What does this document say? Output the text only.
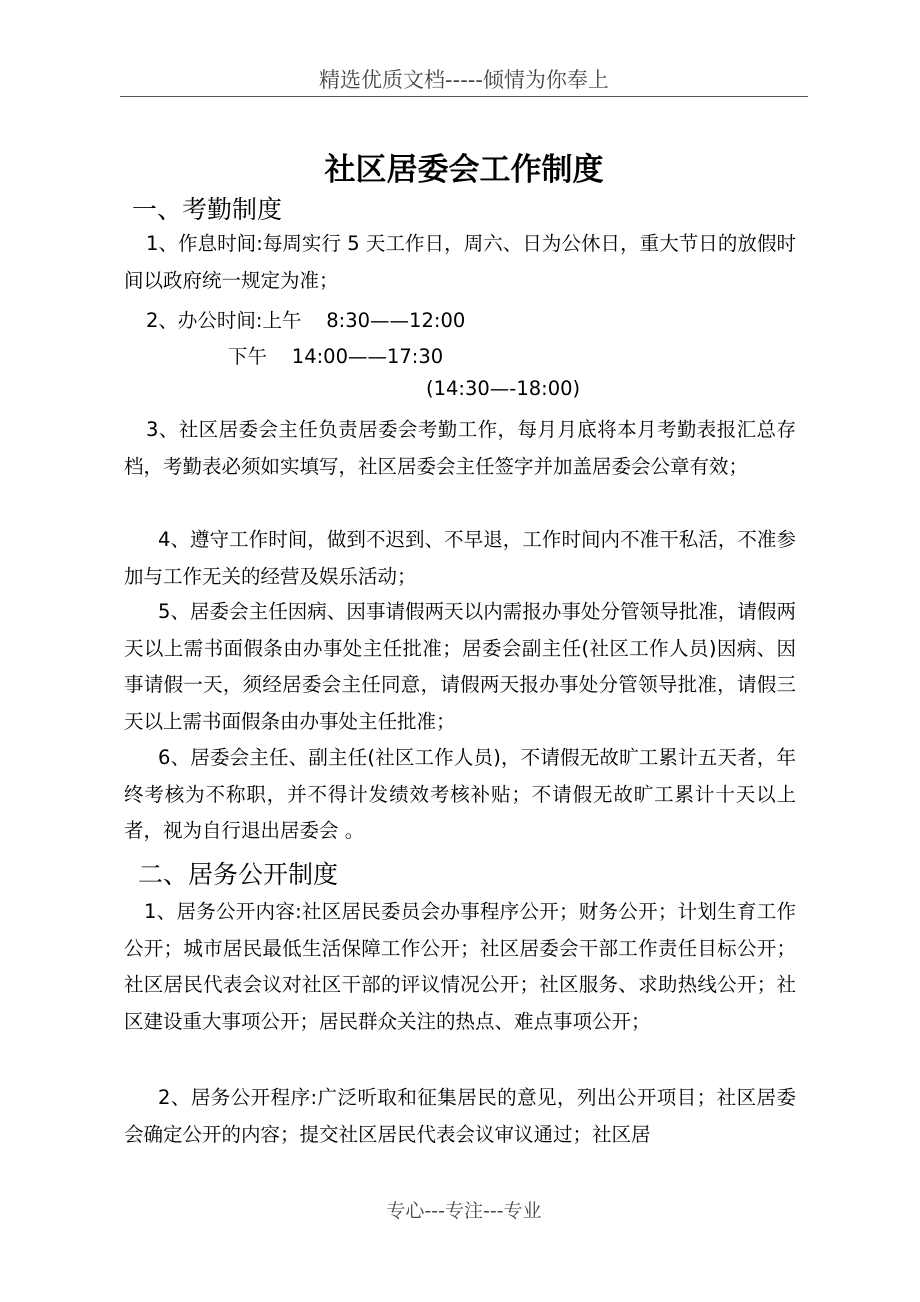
精选优质文档-----倾情为你奉上
社区居委会工作制度
一、考勤制度
1、作息时间:每周实行 5 天工作日，周六、日为公休日，重大节日的放假时间以政府统一规定为准；
2、办公时间:上午    8:30——12:00
下午    14:00——17:30
(14:30—-18:00)
3、社区居委会主任负责居委会考勤工作，每月月底将本月考勤表报汇总存档，考勤表必须如实填写，社区居委会主任签字并加盖居委会公章有效；
4、遵守工作时间，做到不迟到、不早退，工作时间内不准干私活，不准参加与工作无关的经营及娱乐活动；
5、居委会主任因病、因事请假两天以内需报办事处分管领导批准，请假两天以上需书面假条由办事处主任批准；居委会副主任(社区工作人员)因病、因事请假一天，须经居委会主任同意，请假两天报办事处分管领导批准，请假三天以上需书面假条由办事处主任批准；
6、居委会主任、副主任(社区工作人员)，不请假无故旷工累计五天者，年终考核为不称职，并不得计发绩效考核补贴；不请假无故旷工累计十天以上者，视为自行退出居委会 。
二、居务公开制度
1、居务公开内容:社区居民委员会办事程序公开；财务公开；计划生育工作公开；城市居民最低生活保障工作公开；社区居委会干部工作责任目标公开；社区居民代表会议对社区干部的评议情况公开；社区服务、求助热线公开；社区建设重大事项公开；居民群众关注的热点、难点事项公开；
2、居务公开程序:广泛听取和征集居民的意见，列出公开项目；社区居委会确定公开的内容；提交社区居民代表会议审议通过；社区居
专心---专注---专业
